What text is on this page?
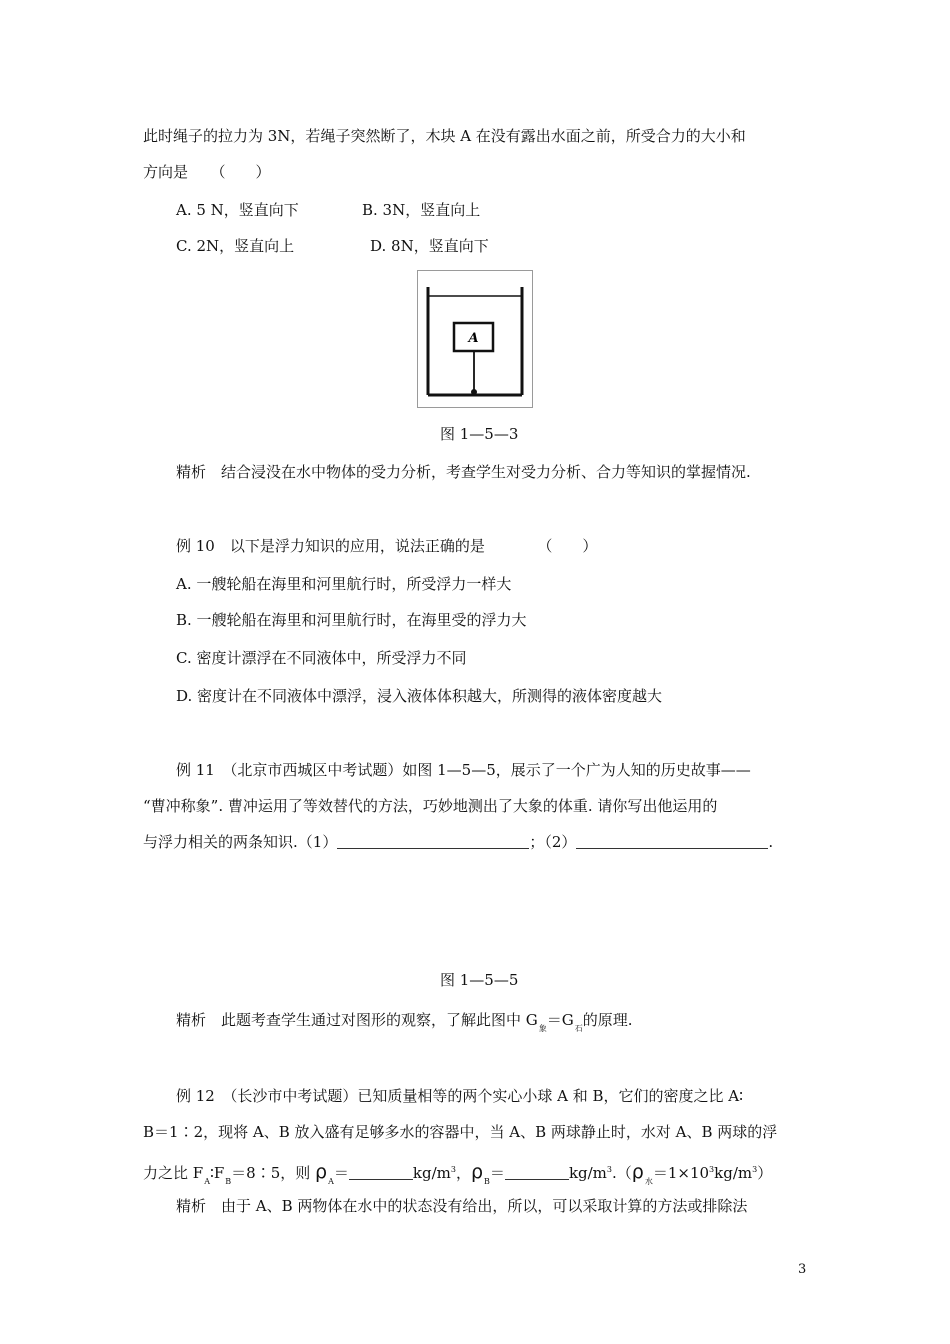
此时绳子的拉力为 3N，若绳子突然断了，木块 A 在没有露出水面之前，所受合力的大小和
方向是　　（　　）
A. 5 N，竖直向下	B. 3N，竖直向上
C. 2N，竖直向上	D. 8N，竖直向下
A
图 1—5—3
精析　 结合浸没在水中物体的受力分析，考查学生对受力分析、合力等知识的掌握情况.
例 10　以下是浮力知识的应用，说法正确的是　　　　（　　）
A. 一艘轮船在海里和河里航行时，所受浮力一样大
B. 一艘轮船在海里和河里航行时，在海里受的浮力大
C. 密度计漂浮在不同液体中，所受浮力不同
D. 密度计在不同液体中漂浮，浸入液体体积越大，所测得的液体密度越大
例 11　（北京市西城区中考试题）如图 1—5—5，展示了一个广为人知的历史故事——
“曹冲称象”. 曹冲运用了等效替代的方法，巧妙地测出了大象的体重. 请你写出他运用的
与浮力相关的两条知识.（1）	；（2）	.
图 1—5—5
精析　 此题考查学生通过对图形的观察，了解此图中 $G_象=G_石$的原理.
例 12　（长沙市中考试题）已知质量相等的两个实心小球 A 和 B，它们的密度之比 A∶
B＝1∶2，现将 A、B 放入盛有足够多水的容器中，当 A、B 两球静止时，水对 A、B 两球的浮
力之比 $F_A∶F_B=8∶5$，则 $\rho_A=$	$kg/m^3$，$\rho_B=$	$kg/m^3.(\rho_水=1\times 10^3kg/m^3)$
精析　 由于 A、B 两物体在水中的状态没有给出，所以，可以采取计算的方法或排除法
3
